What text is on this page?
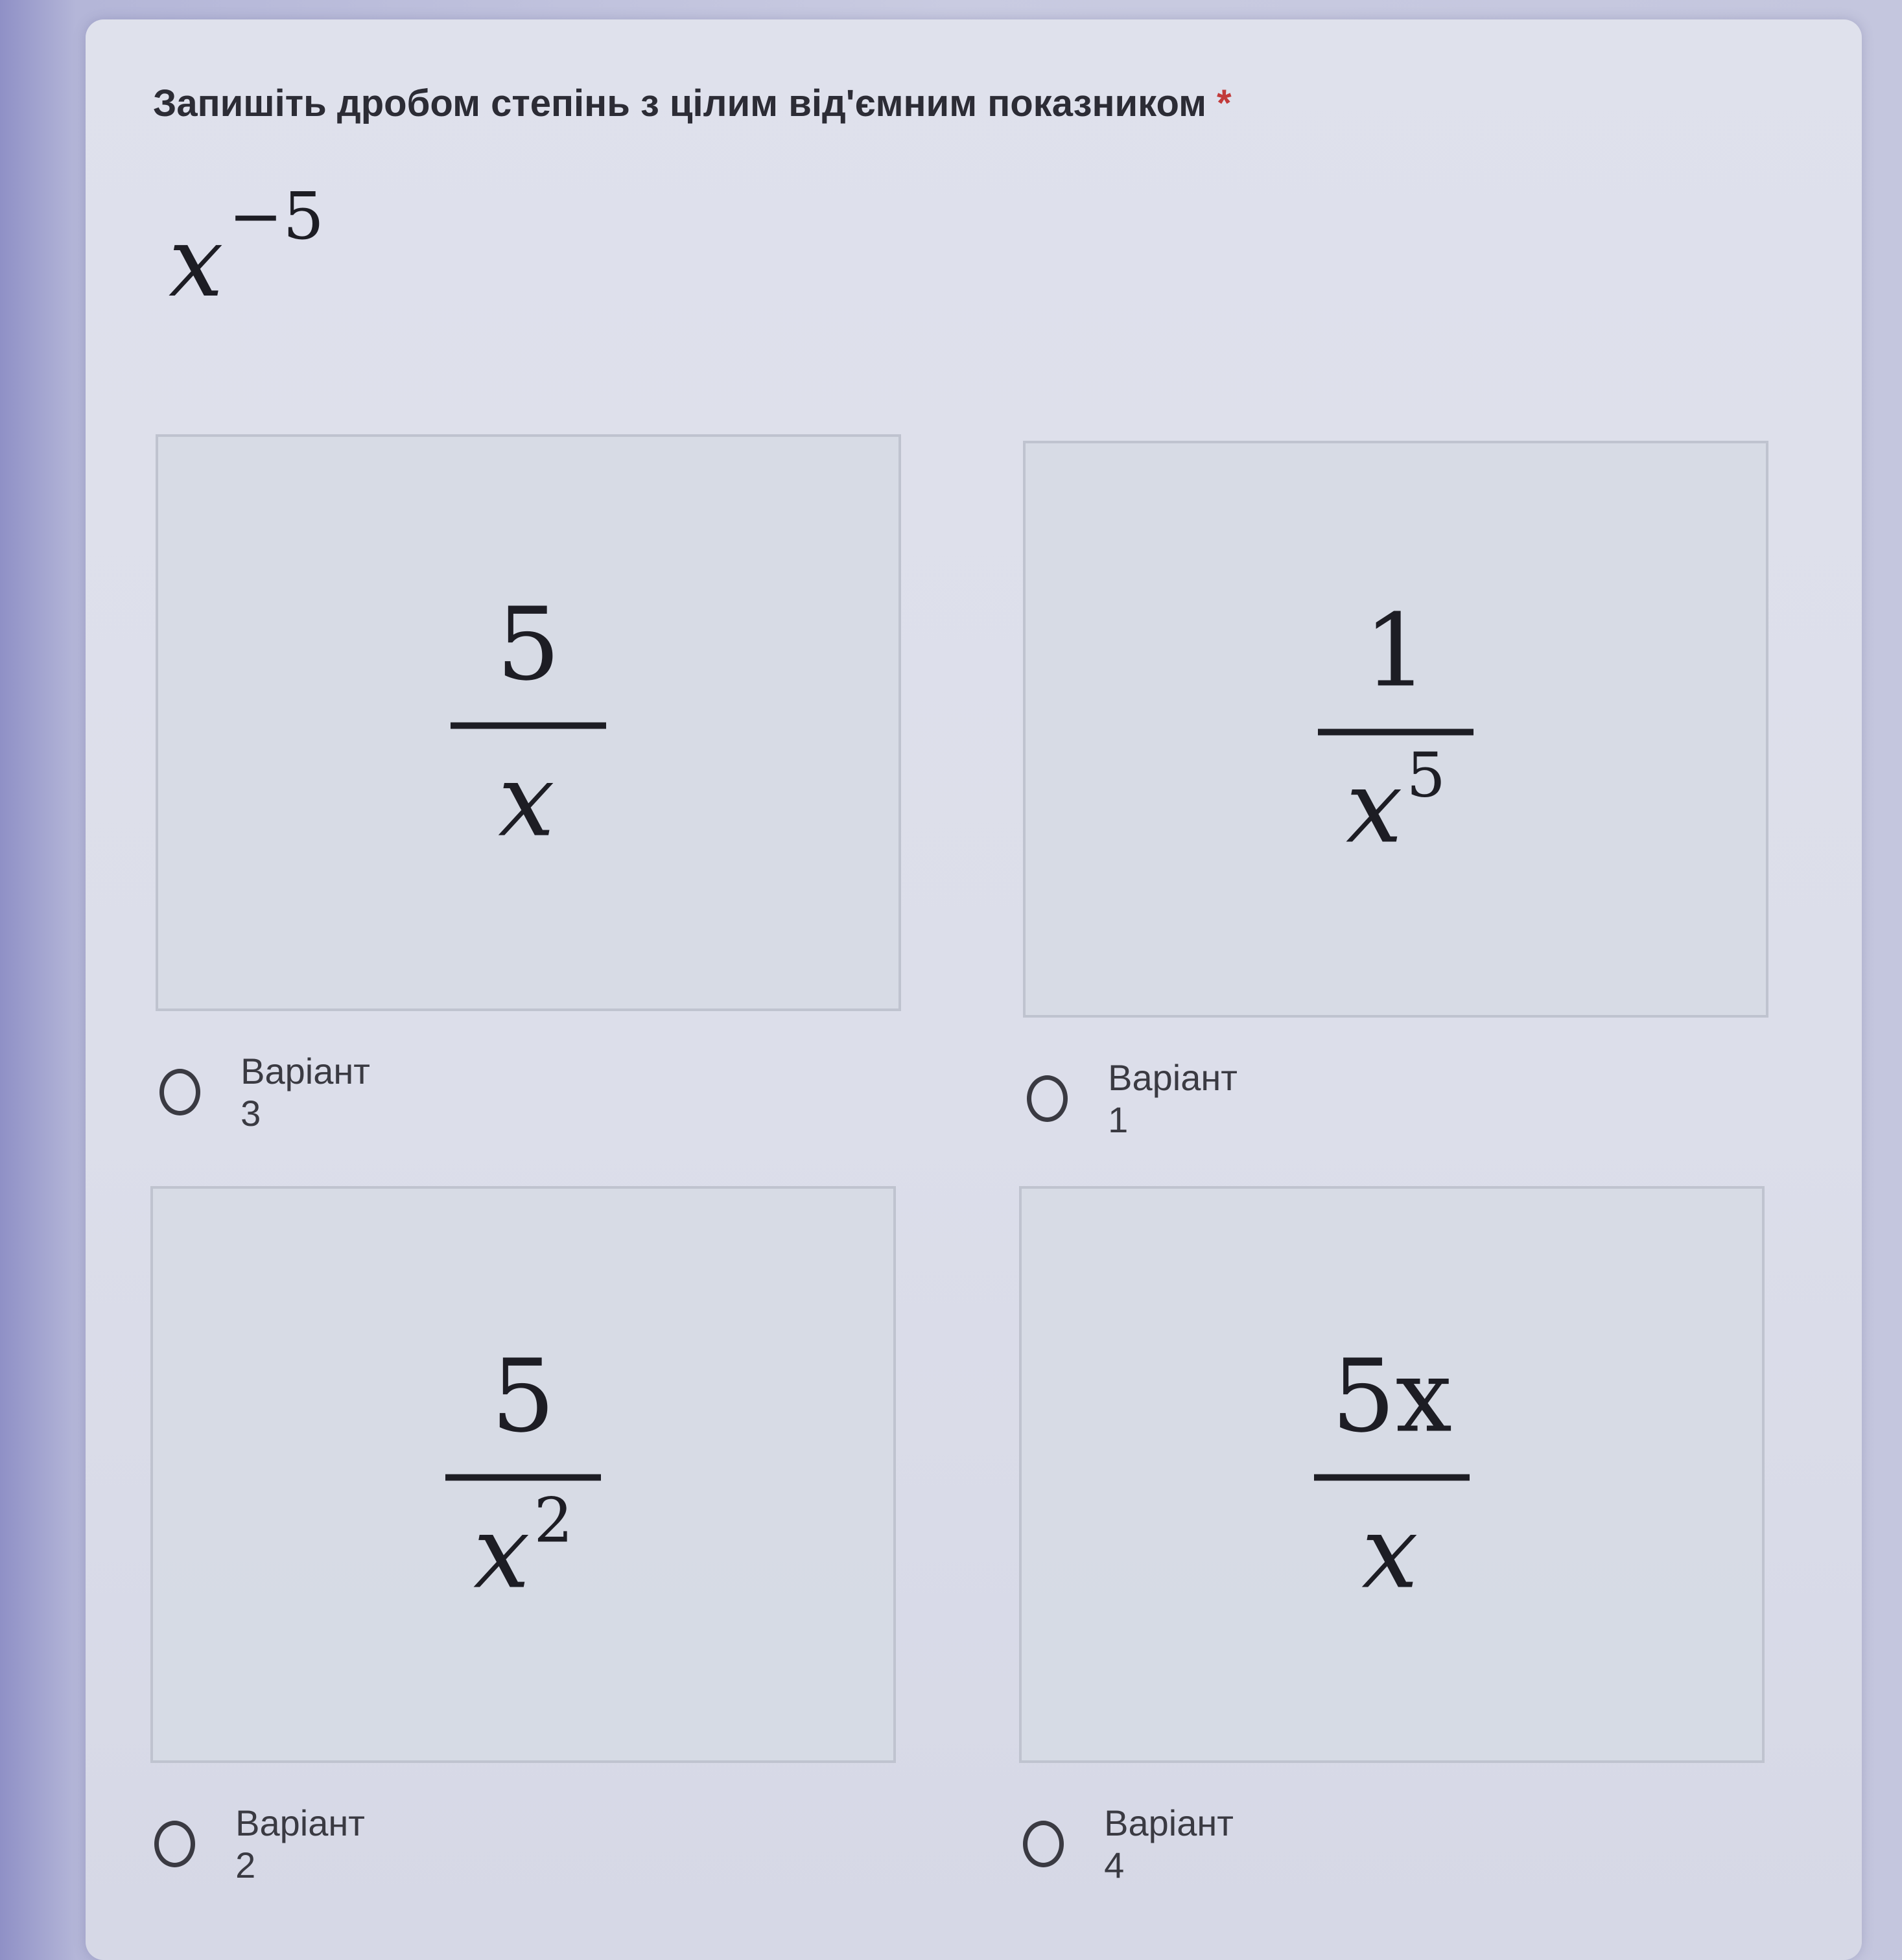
Запишіть дробом степінь з цілим від'ємним показником *
x−5
5
x
Варіант 3
1
$x^5$
Варіант 1
5
$x^2$
Варіант 2
5x
x
Варіант 4
